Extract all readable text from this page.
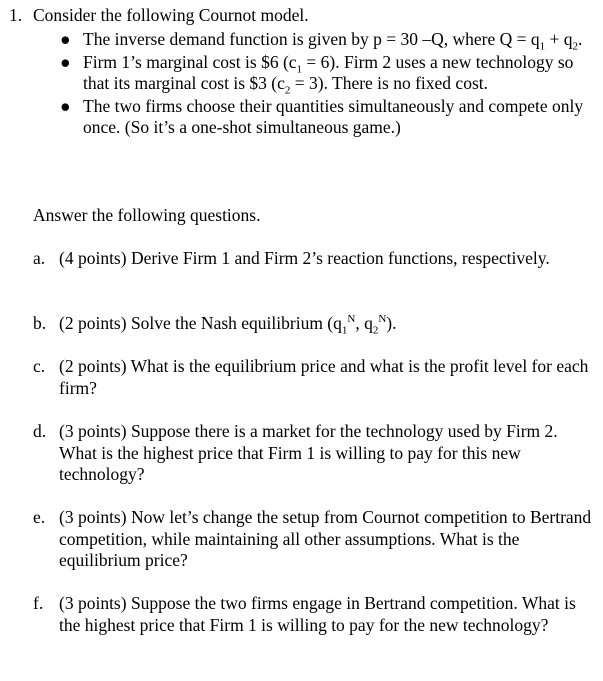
1. Consider the following Cournot model.
● The inverse demand function is given by p = 30 –Q, where $Q = q_1 + q_2$.
● Firm 1’s marginal cost is $6 $(c_1 = 6)$. Firm 2 uses a new technology so that its marginal cost is $3 $(c_2 = 3)$. There is no fixed cost.
● The two firms choose their quantities simultaneously and compete only once. (So it’s a one-shot simultaneous game.)
Answer the following questions.
a. (4 points) Derive Firm 1 and Firm 2’s reaction functions, respectively.
b. (2 points) Solve the Nash equilibrium ($q_1^N$, $q_2^N$).
c. (2 points) What is the equilibrium price and what is the profit level for each firm?
d. (3 points) Suppose there is a market for the technology used by Firm 2. What is the highest price that Firm 1 is willing to pay for this new technology?
e. (3 points) Now let’s change the setup from Cournot competition to Bertrand competition, while maintaining all other assumptions. What is the equilibrium price?
f. (3 points) Suppose the two firms engage in Bertrand competition. What is the highest price that Firm 1 is willing to pay for the new technology?
